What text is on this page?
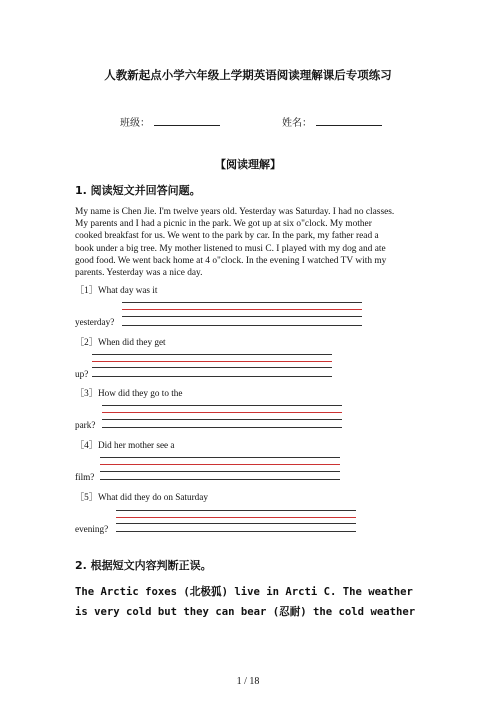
人教新起点小学六年级上学期英语阅读理解课后专项练习
班级：	姓名：
【阅读理解】
1. 阅读短文并回答问题。

My name is Chen Jie. I'm twelve years old. Yesterday was Saturday. I had no classes.

My parents and I had a picnic in the park. We got up at six o"clock. My mother

cooked breakfast for us. We went to the park by car. In the park, my father read a

book under a big tree. My mother listened to musi C. I played with my dog and ate

good food. We went back home at 4 o"clock. In the evening I watched TV with my

parents. Yesterday was a nice day.

［1］What day was it
yesterday?
［2］When did they get
up?
［3］How did they go to the
park?
［4］Did her mother see a
film?
［5］What did they do on Saturday
evening?
2. 根据短文内容判断正误。
The Arctic foxes (北极狐) live in Arcti C. The weather
is very cold but they can bear (忍耐) the cold weather
1 / 18
